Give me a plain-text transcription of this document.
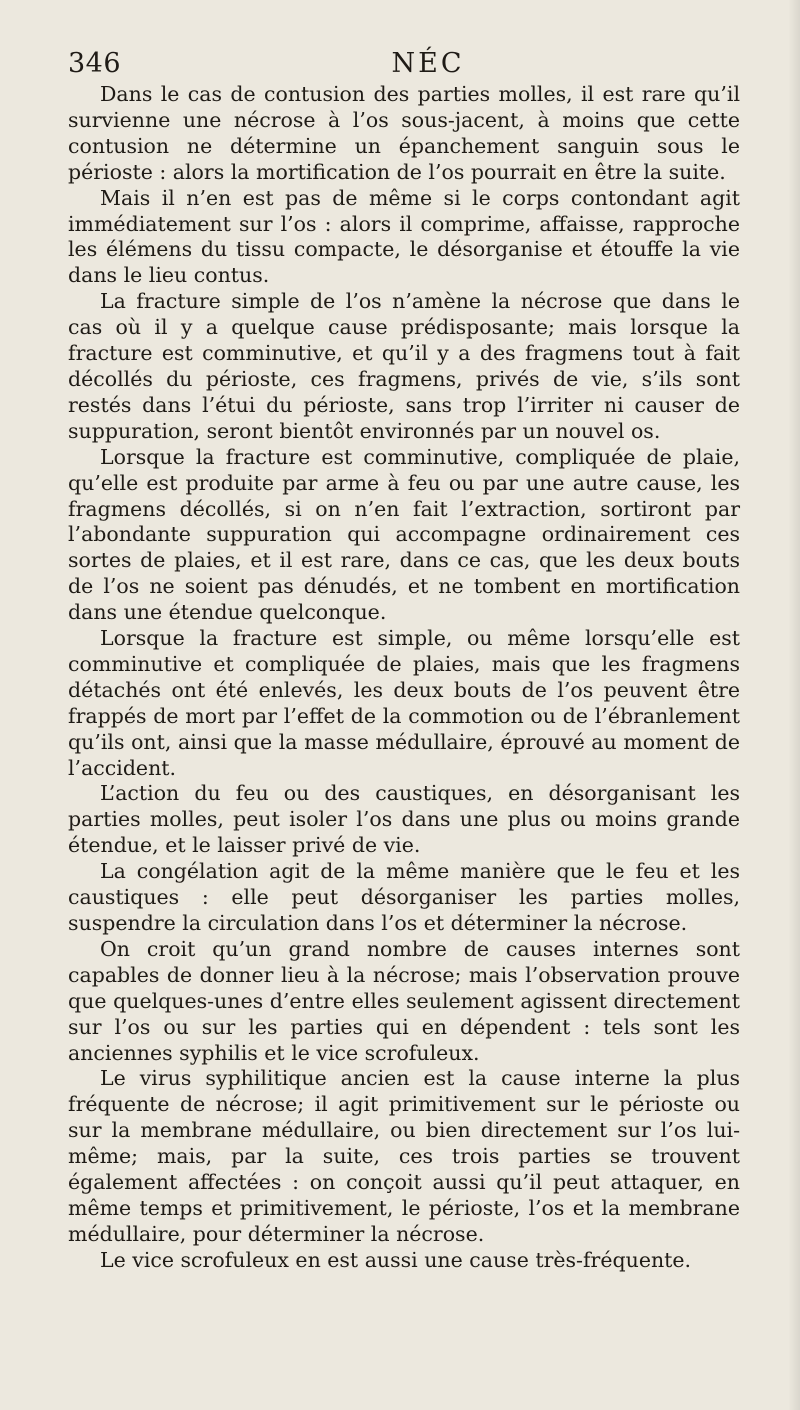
346	NÉC

Dans le cas de contusion des parties molles, il est rare qu’il survienne une nécrose à l’os sous-jacent, à moins que cette contusion ne détermine un épanchement sanguin sous le périoste : alors la mortification de l’os pourrait en être la suite.

Mais il n’en est pas de même si le corps contondant agit immédiatement sur l’os : alors il comprime, affaisse, rapproche les élémens du tissu compacte, le désorganise et étouffe la vie dans le lieu contus.

La fracture simple de l’os n’amène la nécrose que dans le cas où il y a quelque cause prédisposante; mais lorsque la fracture est comminutive, et qu’il y a des fragmens tout à fait décollés du périoste, ces fragmens, privés de vie, s’ils sont restés dans l’étui du périoste, sans trop l’irriter ni causer de suppuration, seront bientôt environnés par un nouvel os.

Lorsque la fracture est comminutive, compliquée de plaie, qu’elle est produite par arme à feu ou par une autre cause, les fragmens décollés, si on n’en fait l’extraction, sortiront par l’abondante suppuration qui accompagne ordinairement ces sortes de plaies, et il est rare, dans ce cas, que les deux bouts de l’os ne soient pas dénudés, et ne tombent en mortification dans une étendue quelconque.

Lorsque la fracture est simple, ou même lorsqu’elle est comminutive et compliquée de plaies, mais que les fragmens détachés ont été enlevés, les deux bouts de l’os peuvent être frappés de mort par l’effet de la commotion ou de l’ébranlement qu’ils ont, ainsi que la masse médullaire, éprouvé au moment de l’accident.

L’action du feu ou des caustiques, en désorganisant les parties molles, peut isoler l’os dans une plus ou moins grande étendue, et le laisser privé de vie.

La congélation agit de la même manière que le feu et les caustiques : elle peut désorganiser les parties molles, suspendre la circulation dans l’os et déterminer la nécrose.

On croit qu’un grand nombre de causes internes sont capables de donner lieu à la nécrose; mais l’observation prouve que quelques-unes d’entre elles seulement agissent directement sur l’os ou sur les parties qui en dépendent : tels sont les anciennes syphilis et le vice scrofuleux.

Le virus syphilitique ancien est la cause interne la plus fréquente de nécrose; il agit primitivement sur le périoste ou sur la membrane médullaire, ou bien directement sur l’os lui-même; mais, par la suite, ces trois parties se trouvent également affectées : on conçoit aussi qu’il peut attaquer, en même temps et primitivement, le périoste, l’os et la membrane médullaire, pour déterminer la nécrose.

Le vice scrofuleux en est aussi une cause très-fréquente.
